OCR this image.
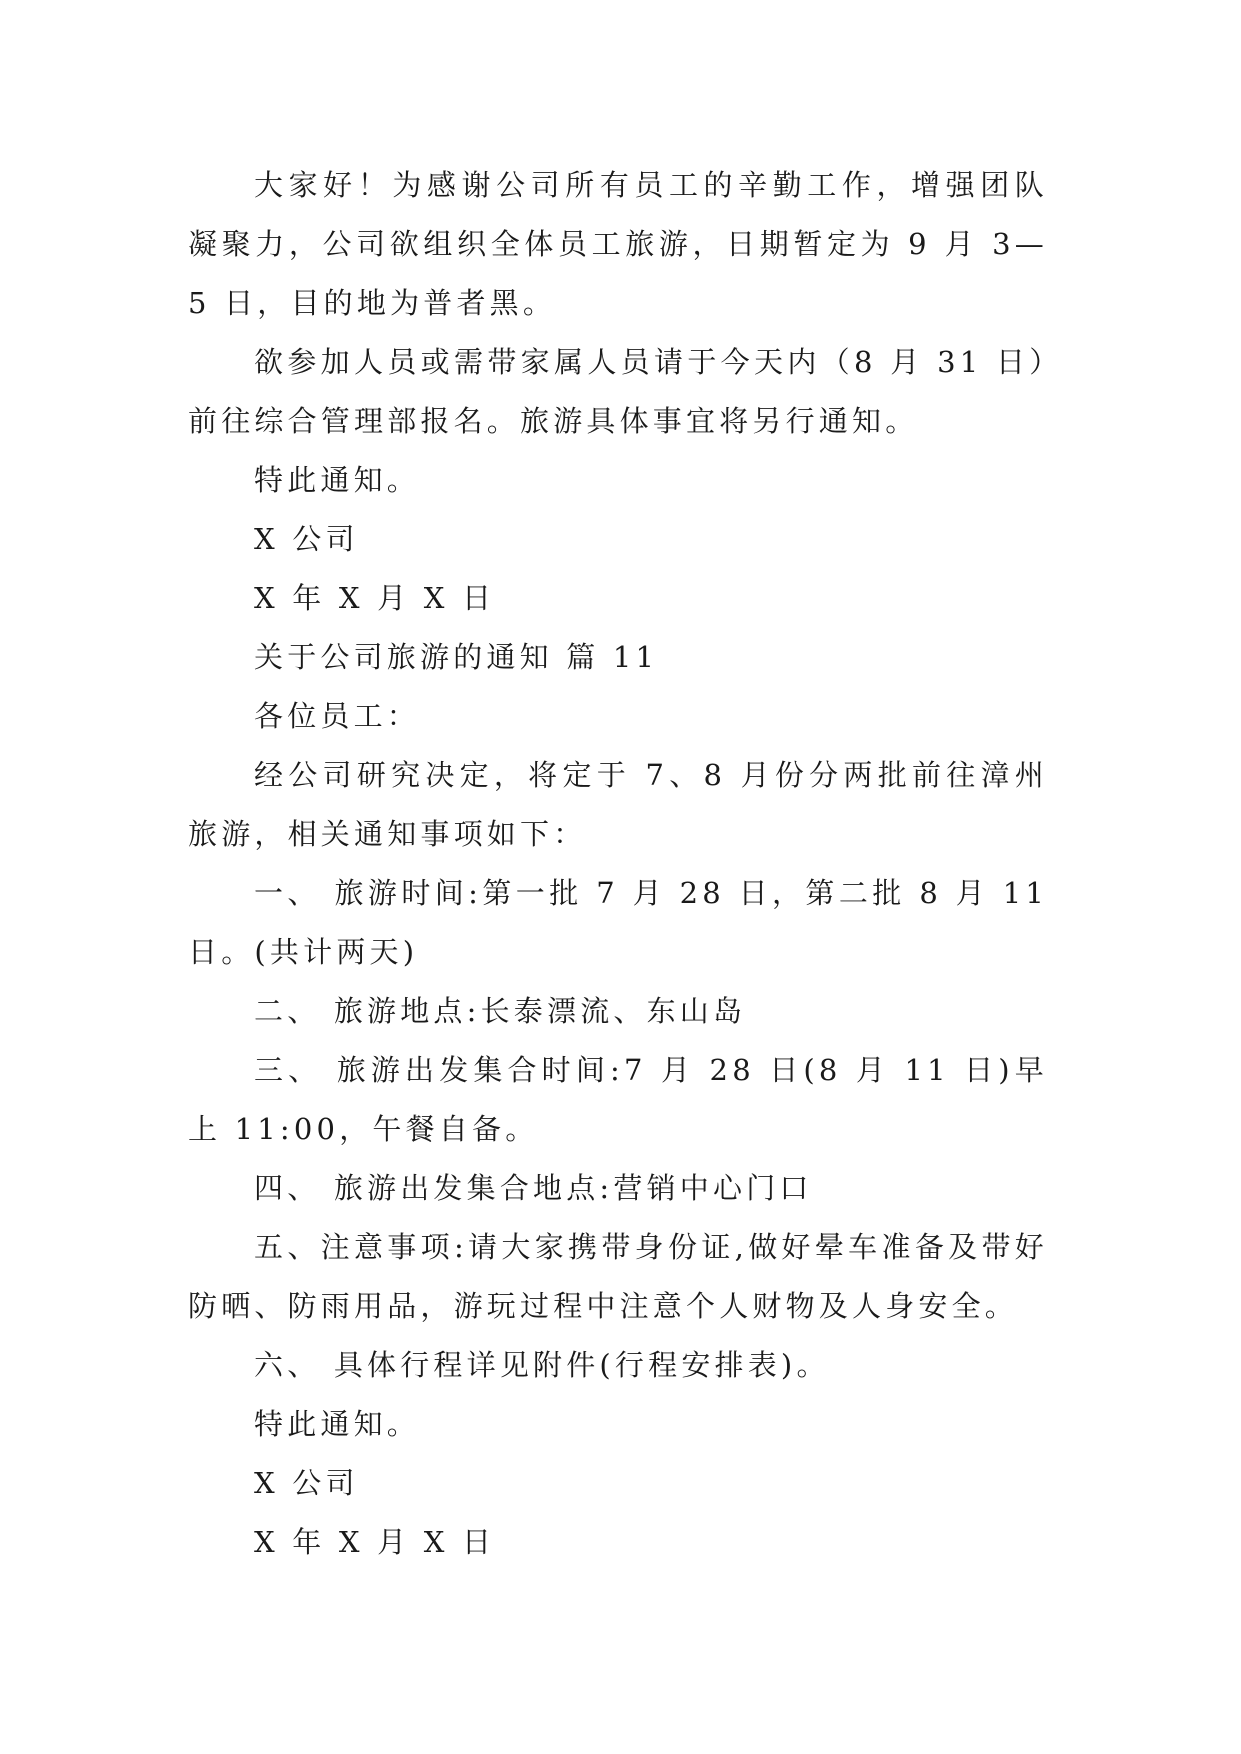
大家好！为感谢公司所有员工的辛勤工作，增强团队凝聚力，公司欲组织全体员工旅游，日期暂定为 9 月 3—5 日，目的地为普者黑。

欲参加人员或需带家属人员请于今天内（8 月 31 日）前往综合管理部报名。旅游具体事宜将另行通知。

特此通知。

X 公司

X 年 X 月 X 日

关于公司旅游的通知 篇 11

各位员工：

经公司研究决定，将定于 7、8 月份分两批前往漳州旅游，相关通知事项如下：

一、 旅游时间:第一批 7 月 28 日，第二批 8 月 11 日。(共计两天)

二、 旅游地点:长泰漂流、东山岛

三、 旅游出发集合时间:7 月 28 日(8 月 11 日)早上 11:00，午餐自备。

四、 旅游出发集合地点:营销中心门口

五、注意事项:请大家携带身份证,做好晕车准备及带好防晒、防雨用品，游玩过程中注意个人财物及人身安全。

六、 具体行程详见附件(行程安排表)。

特此通知。

X 公司

X 年 X 月 X 日
